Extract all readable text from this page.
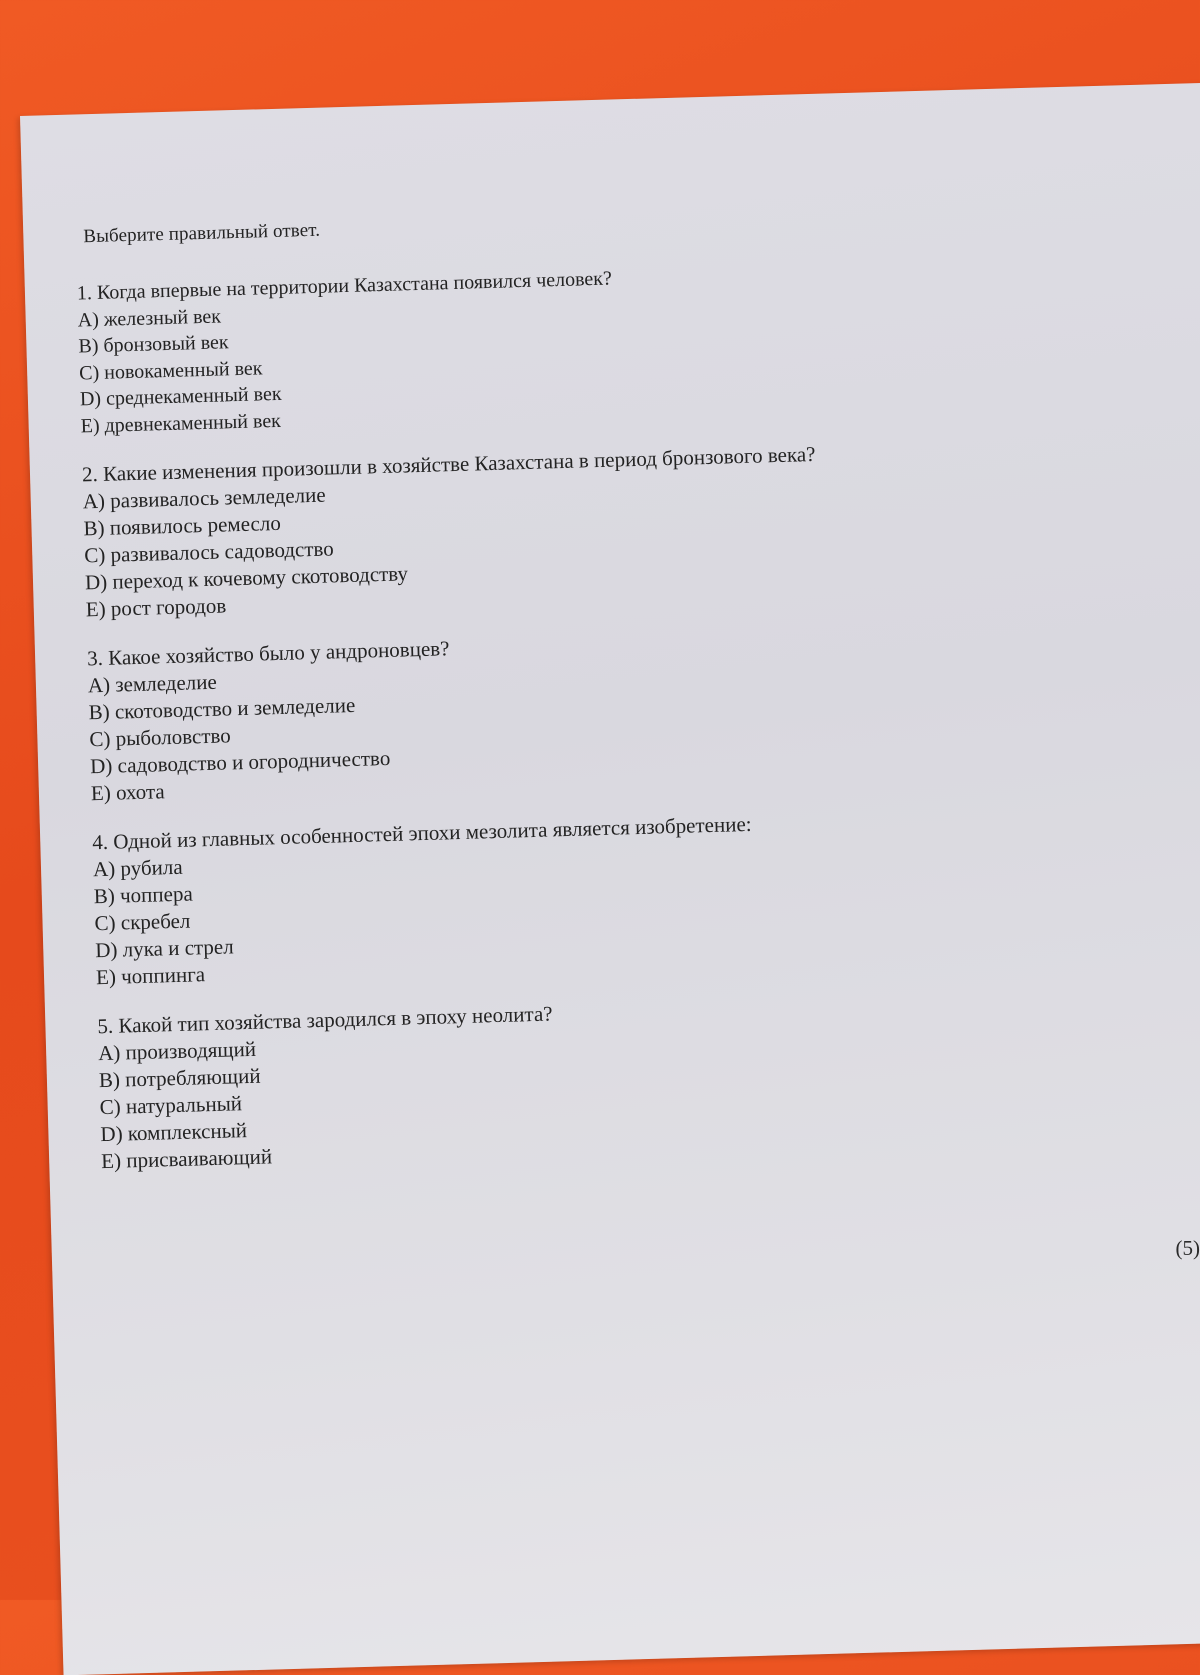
Выберите правильный ответ.

1. Когда впервые на территории Казахстана появился человек?

A) железный век
B) бронзовый век
C) новокаменный век
D) среднекаменный век
E) древнекаменный век

2. Какие изменения произошли в хозяйстве Казахстана в период бронзового века?

A) развивалось земледелие
B) появилось ремесло
C) развивалось садоводство
D) переход к кочевому скотоводству
E) рост городов

3. Какое хозяйство было у андроновцев?

A) земледелие
B) скотоводство и земледелие
C) рыболовство
D) садоводство и огородничество
E) охота

4. Одной из главных особенностей эпохи мезолита является изобретение:

A) рубила
B) чоппера
C) скребел
D) лука и стрел
E) чоппинга

5. Какой тип хозяйства зародился в эпоху неолита?

A) производящий
B) потребляющий
C) натуральный
D) комплексный
E) присваивающий
(5)
